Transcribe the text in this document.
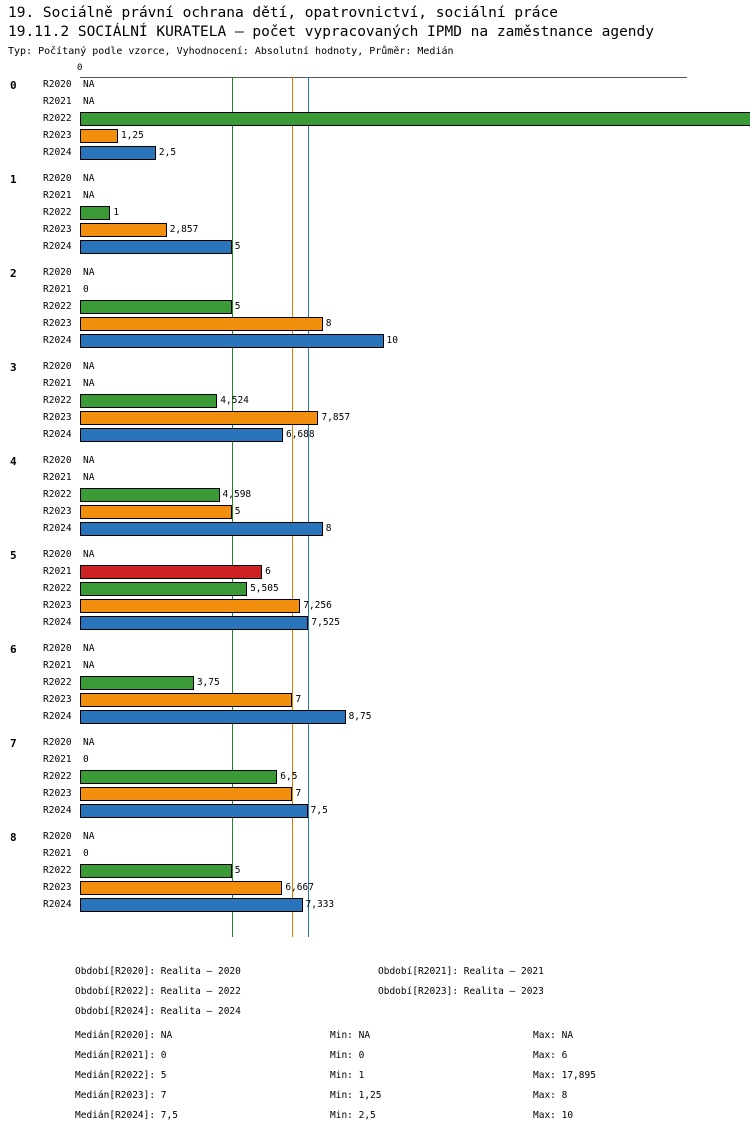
19. Sociálně právní ochrana dětí, opatrovnictví, sociální práce
19.11.2 SOCIÁLNÍ KURATELA – počet vypracovaných IPMD na zaměstnance agendy
Typ: Počítaný podle vzorce, Vyhodnocení: Absolutní hodnoty, Průměr: Medián
0
0	R2020 NA
R2021 NA
R2022
R2023	1,25
R2024	2,5
1	R2020 NA
R2021 NA
R2022	1
R2023	2,857
R2024	5
2	R2020 NA
R2021 0
R2022	5
R2023	8
R2024	10
3	R2020 NA
R2021 NA
R2022	4,524
R2023	7,857
R2024	6,688
4	R2020 NA
R2021 NA
R2022	4,598
R2023	5
R2024	8
5	R2020 NA
R2021	6
R2022	5,505
R2023	7,256
R2024	7,525
6	R2020 NA
R2021 NA
R2022	3,75
R2023	7
R2024	8,75
7	R2020 NA
R2021 0
R2022	6,5
R2023	7
R2024	7,5
8	R2020 NA
R2021 0
R2022	5
R2023	6,667
R2024	7,333
Období[R2020]: Realita – 2020	Období[R2021]: Realita – 2021
Období[R2022]: Realita – 2022	Období[R2023]: Realita – 2023
Období[R2024]: Realita – 2024
Medián[R2020]: NA	Min: NA	Max: NA
Medián[R2021]: 0	Min: 0	Max: 6
Medián[R2022]: 5	Min: 1	Max: 17,895
Medián[R2023]: 7	Min: 1,25	Max: 8
Medián[R2024]: 7,5	Min: 2,5	Max: 10
